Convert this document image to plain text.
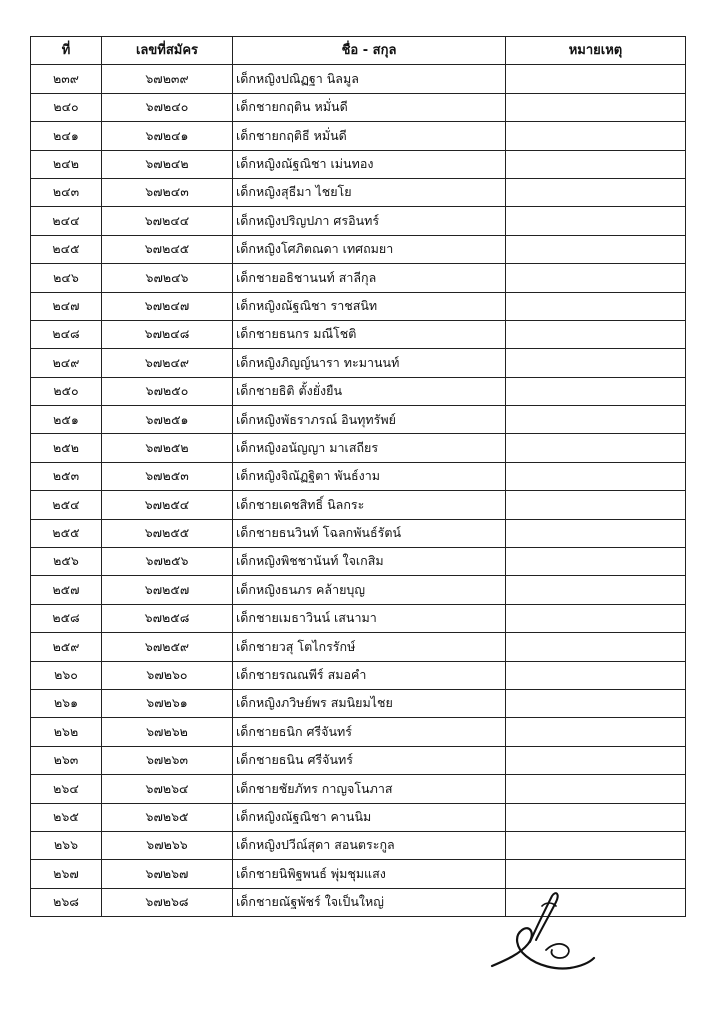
ที่	เลขที่สมัคร	ชื่อ - สกุล	หมายเหตุ
๒๓๙	๖๗๒๓๙	เด็กหญิงปณิฏฐา นิลมูล	
๒๔๐	๖๗๒๔๐	เด็กชายกฤติน หมั่นดี	
๒๔๑	๖๗๒๔๑	เด็กชายกฤติธี หมั่นดี	
๒๔๒	๖๗๒๔๒	เด็กหญิงณัฐณิชา เม่นทอง	
๒๔๓	๖๗๒๔๓	เด็กหญิงสุธีมา ไชยโย	
๒๔๔	๖๗๒๔๔	เด็กหญิงปริญปภา ศรอินทร์	
๒๔๕	๖๗๒๔๕	เด็กหญิงโศภิตณดา เทศถมยา	
๒๔๖	๖๗๒๔๖	เด็กชายอธิชานนท์ สาลีกุล	
๒๔๗	๖๗๒๔๗	เด็กหญิงณัฐณิชา ราชสนิท	
๒๔๘	๖๗๒๔๘	เด็กชายธนกร มณีโชติ	
๒๔๙	๖๗๒๔๙	เด็กหญิงภิญญ์นารา ทะมานนท์	
๒๕๐	๖๗๒๕๐	เด็กชายธิติ ตั้งยั่งยืน	
๒๕๑	๖๗๒๕๑	เด็กหญิงพัธราภรณ์ อินทุทรัพย์	
๒๕๒	๖๗๒๕๒	เด็กหญิงอนัญญา มาเสถียร	
๒๕๓	๖๗๒๕๓	เด็กหญิงจิณัฏฐิตา พันธ์งาม	
๒๕๔	๖๗๒๕๔	เด็กชายเดชสิทธิ์ นิลกระ	
๒๕๕	๖๗๒๕๕	เด็กชายธนวินท์ โฉลกพันธ์รัตน์	
๒๕๖	๖๗๒๕๖	เด็กหญิงพิชชานันท์ ใจเกสิม	
๒๕๗	๖๗๒๕๗	เด็กหญิงธนภร คล้ายบุญ	
๒๕๘	๖๗๒๕๘	เด็กชายเมธาวินน์ เสนามา	
๒๕๙	๖๗๒๕๙	เด็กชายวสุ โตไกรรักษ์	
๒๖๐	๖๗๒๖๐	เด็กชายรณณพีร์ สมอคำ	
๒๖๑	๖๗๒๖๑	เด็กหญิงภวิษย์พร สมนิยมไชย	
๒๖๒	๖๗๒๖๒	เด็กชายธนิก ศรีจันทร์	
๒๖๓	๖๗๒๖๓	เด็กชายธนิน ศรีจันทร์	
๒๖๔	๖๗๒๖๔	เด็กชายชัยภัทร กาญจโนภาส	
๒๖๕	๖๗๒๖๕	เด็กหญิงณัฐณิชา คานนิม	
๒๖๖	๖๗๒๖๖	เด็กหญิงปวีณ์สุดา สอนตระกูล	
๒๖๗	๖๗๒๖๗	เด็กชายนิพิฐพนธ์ พุ่มชุมแสง	
๒๖๘	๖๗๒๖๘	เด็กชายณัฐพัชร์ ใจเป็นใหญ่	
